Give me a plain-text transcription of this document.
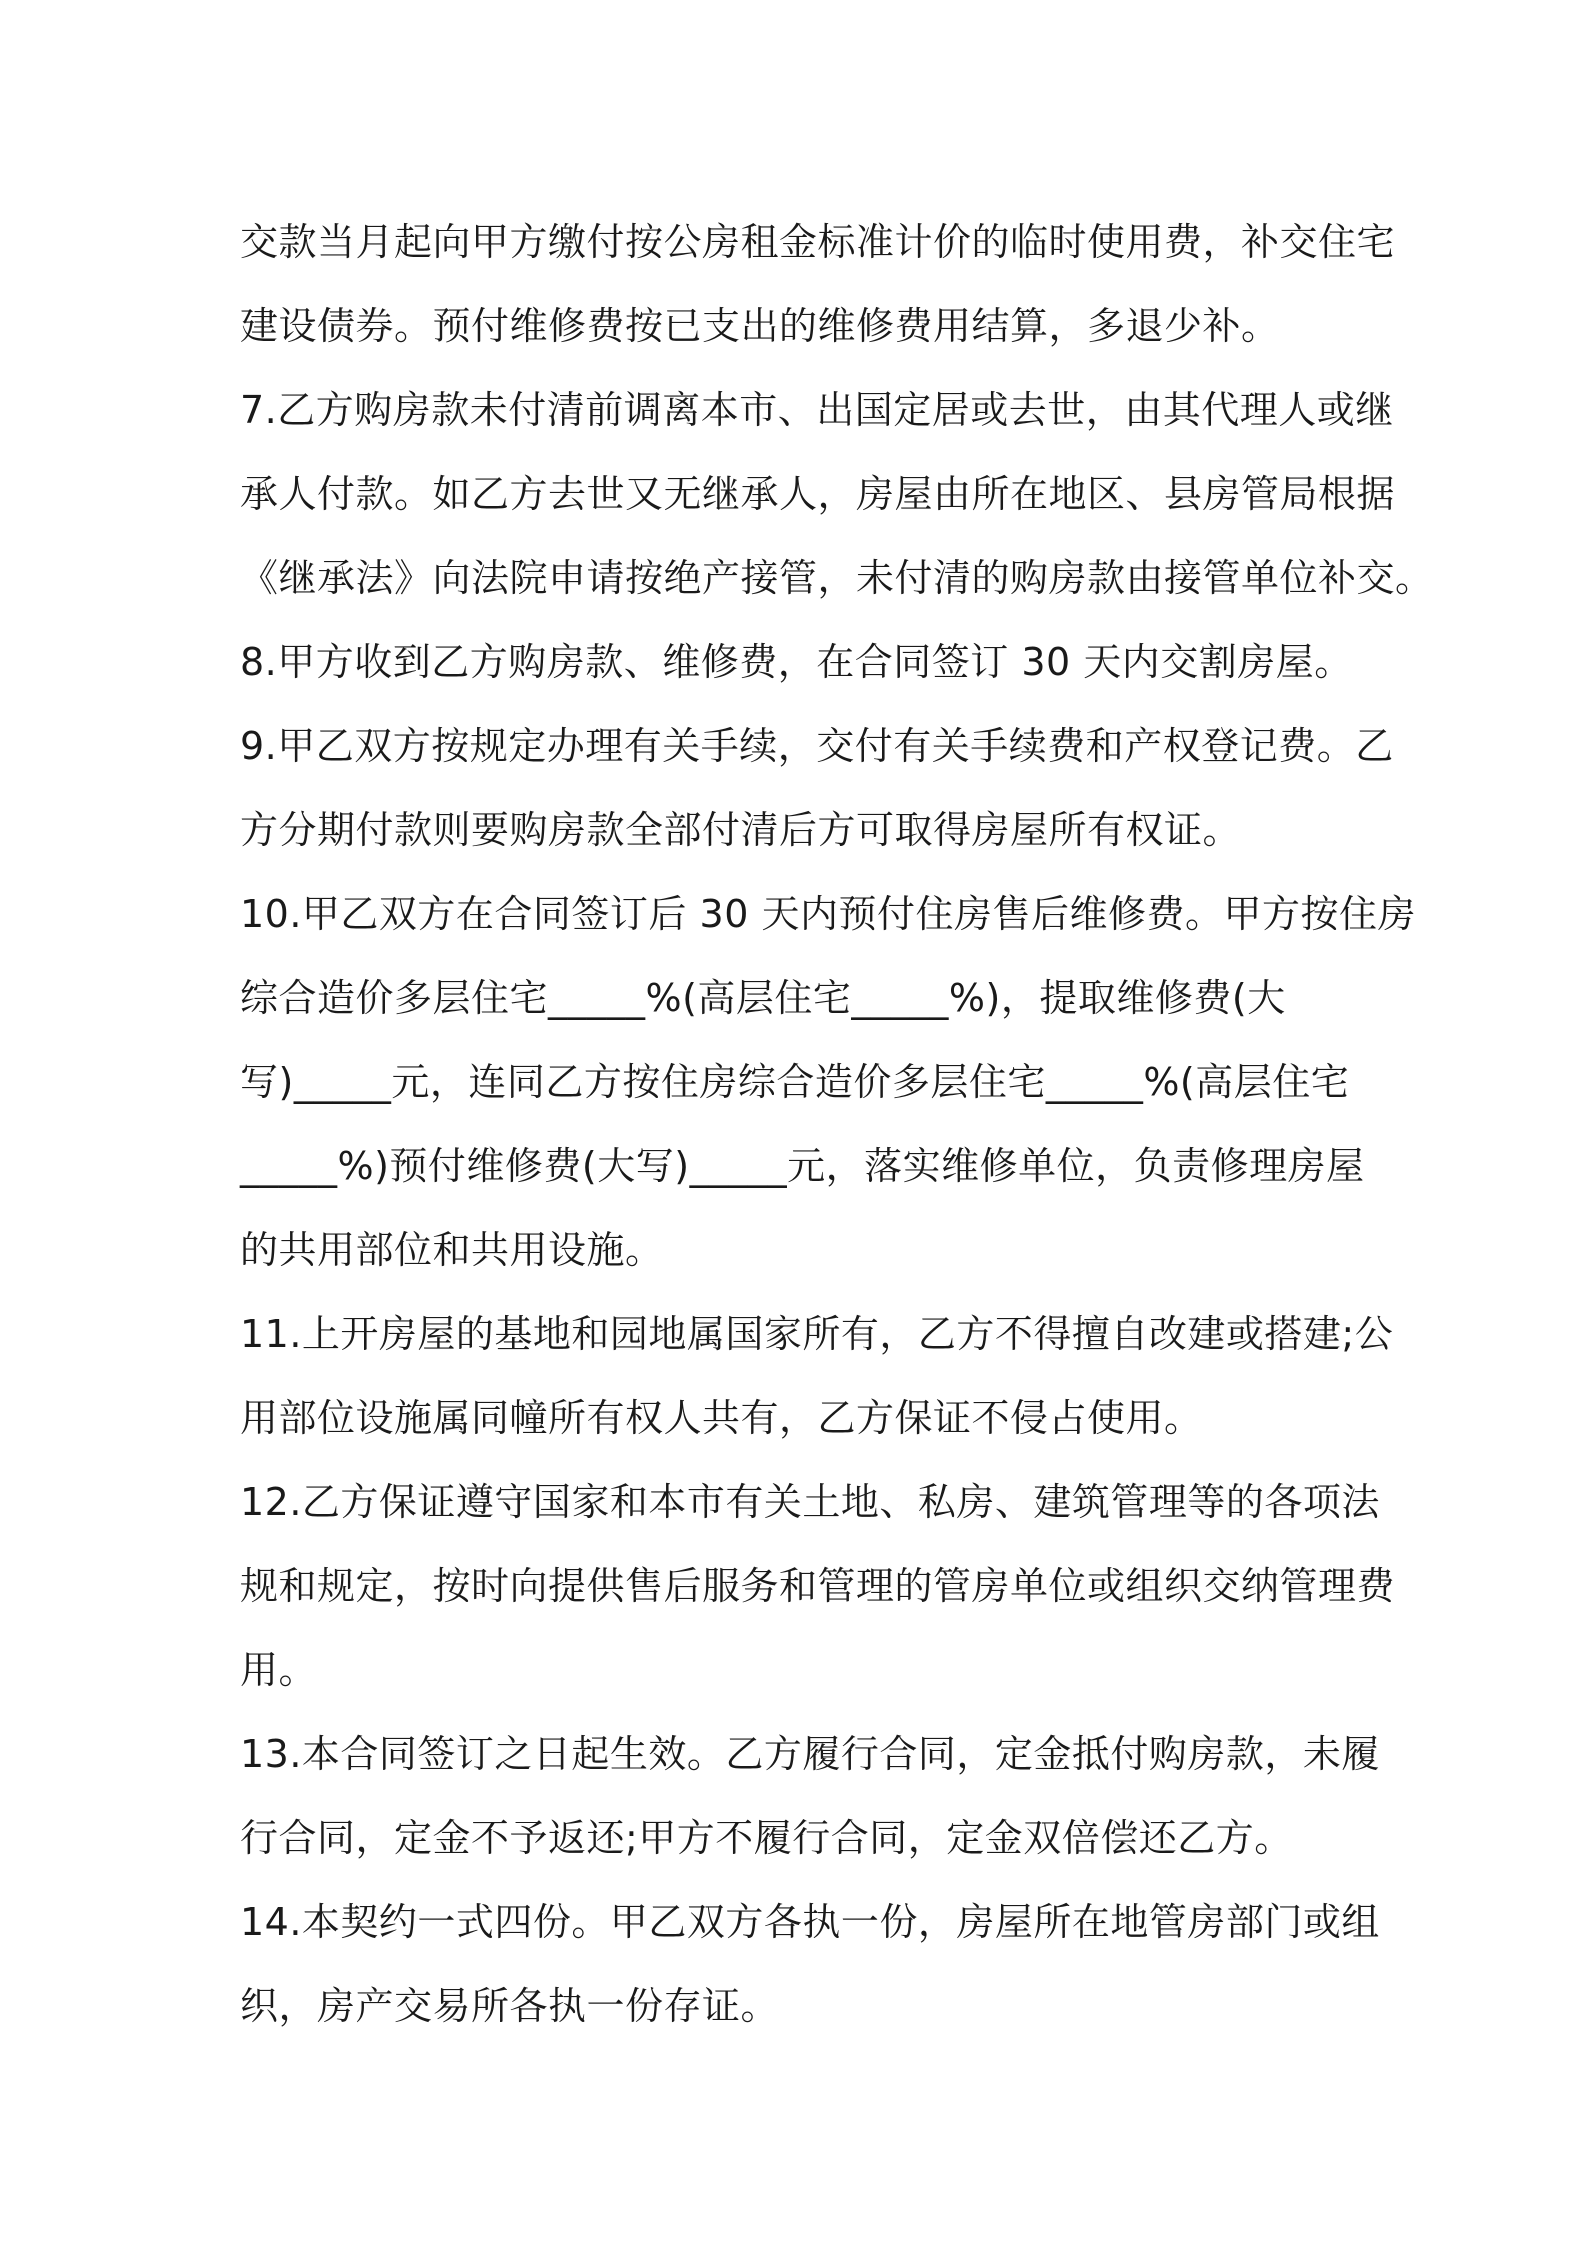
交款当月起向甲方缴付按公房租金标准计价的临时使用费，补交住宅
建设债券。预付维修费按已支出的维修费用结算，多退少补。
7.乙方购房款未付清前调离本市、出国定居或去世，由其代理人或继
承人付款。如乙方去世又无继承人，房屋由所在地区、县房管局根据
《继承法》向法院申请按绝产接管，未付清的购房款由接管单位补交。
8.甲方收到乙方购房款、维修费，在合同签订 30 天内交割房屋。
9.甲乙双方按规定办理有关手续，交付有关手续费和产权登记费。乙
方分期付款则要购房款全部付清后方可取得房屋所有权证。
10.甲乙双方在合同签订后 30 天内预付住房售后维修费。甲方按住房
综合造价多层住宅_____%(高层住宅_____%)，提取维修费(大
写)_____元，连同乙方按住房综合造价多层住宅_____%(高层住宅
_____%)预付维修费(大写)_____元，落实维修单位，负责修理房屋
的共用部位和共用设施。
11.上开房屋的基地和园地属国家所有，乙方不得擅自改建或搭建;公
用部位设施属同幢所有权人共有，乙方保证不侵占使用。
12.乙方保证遵守国家和本市有关土地、私房、建筑管理等的各项法
规和规定，按时向提供售后服务和管理的管房单位或组织交纳管理费
用。
13.本合同签订之日起生效。乙方履行合同，定金抵付购房款，未履
行合同，定金不予返还;甲方不履行合同，定金双倍偿还乙方。
14.本契约一式四份。甲乙双方各执一份，房屋所在地管房部门或组
织，房产交易所各执一份存证。
